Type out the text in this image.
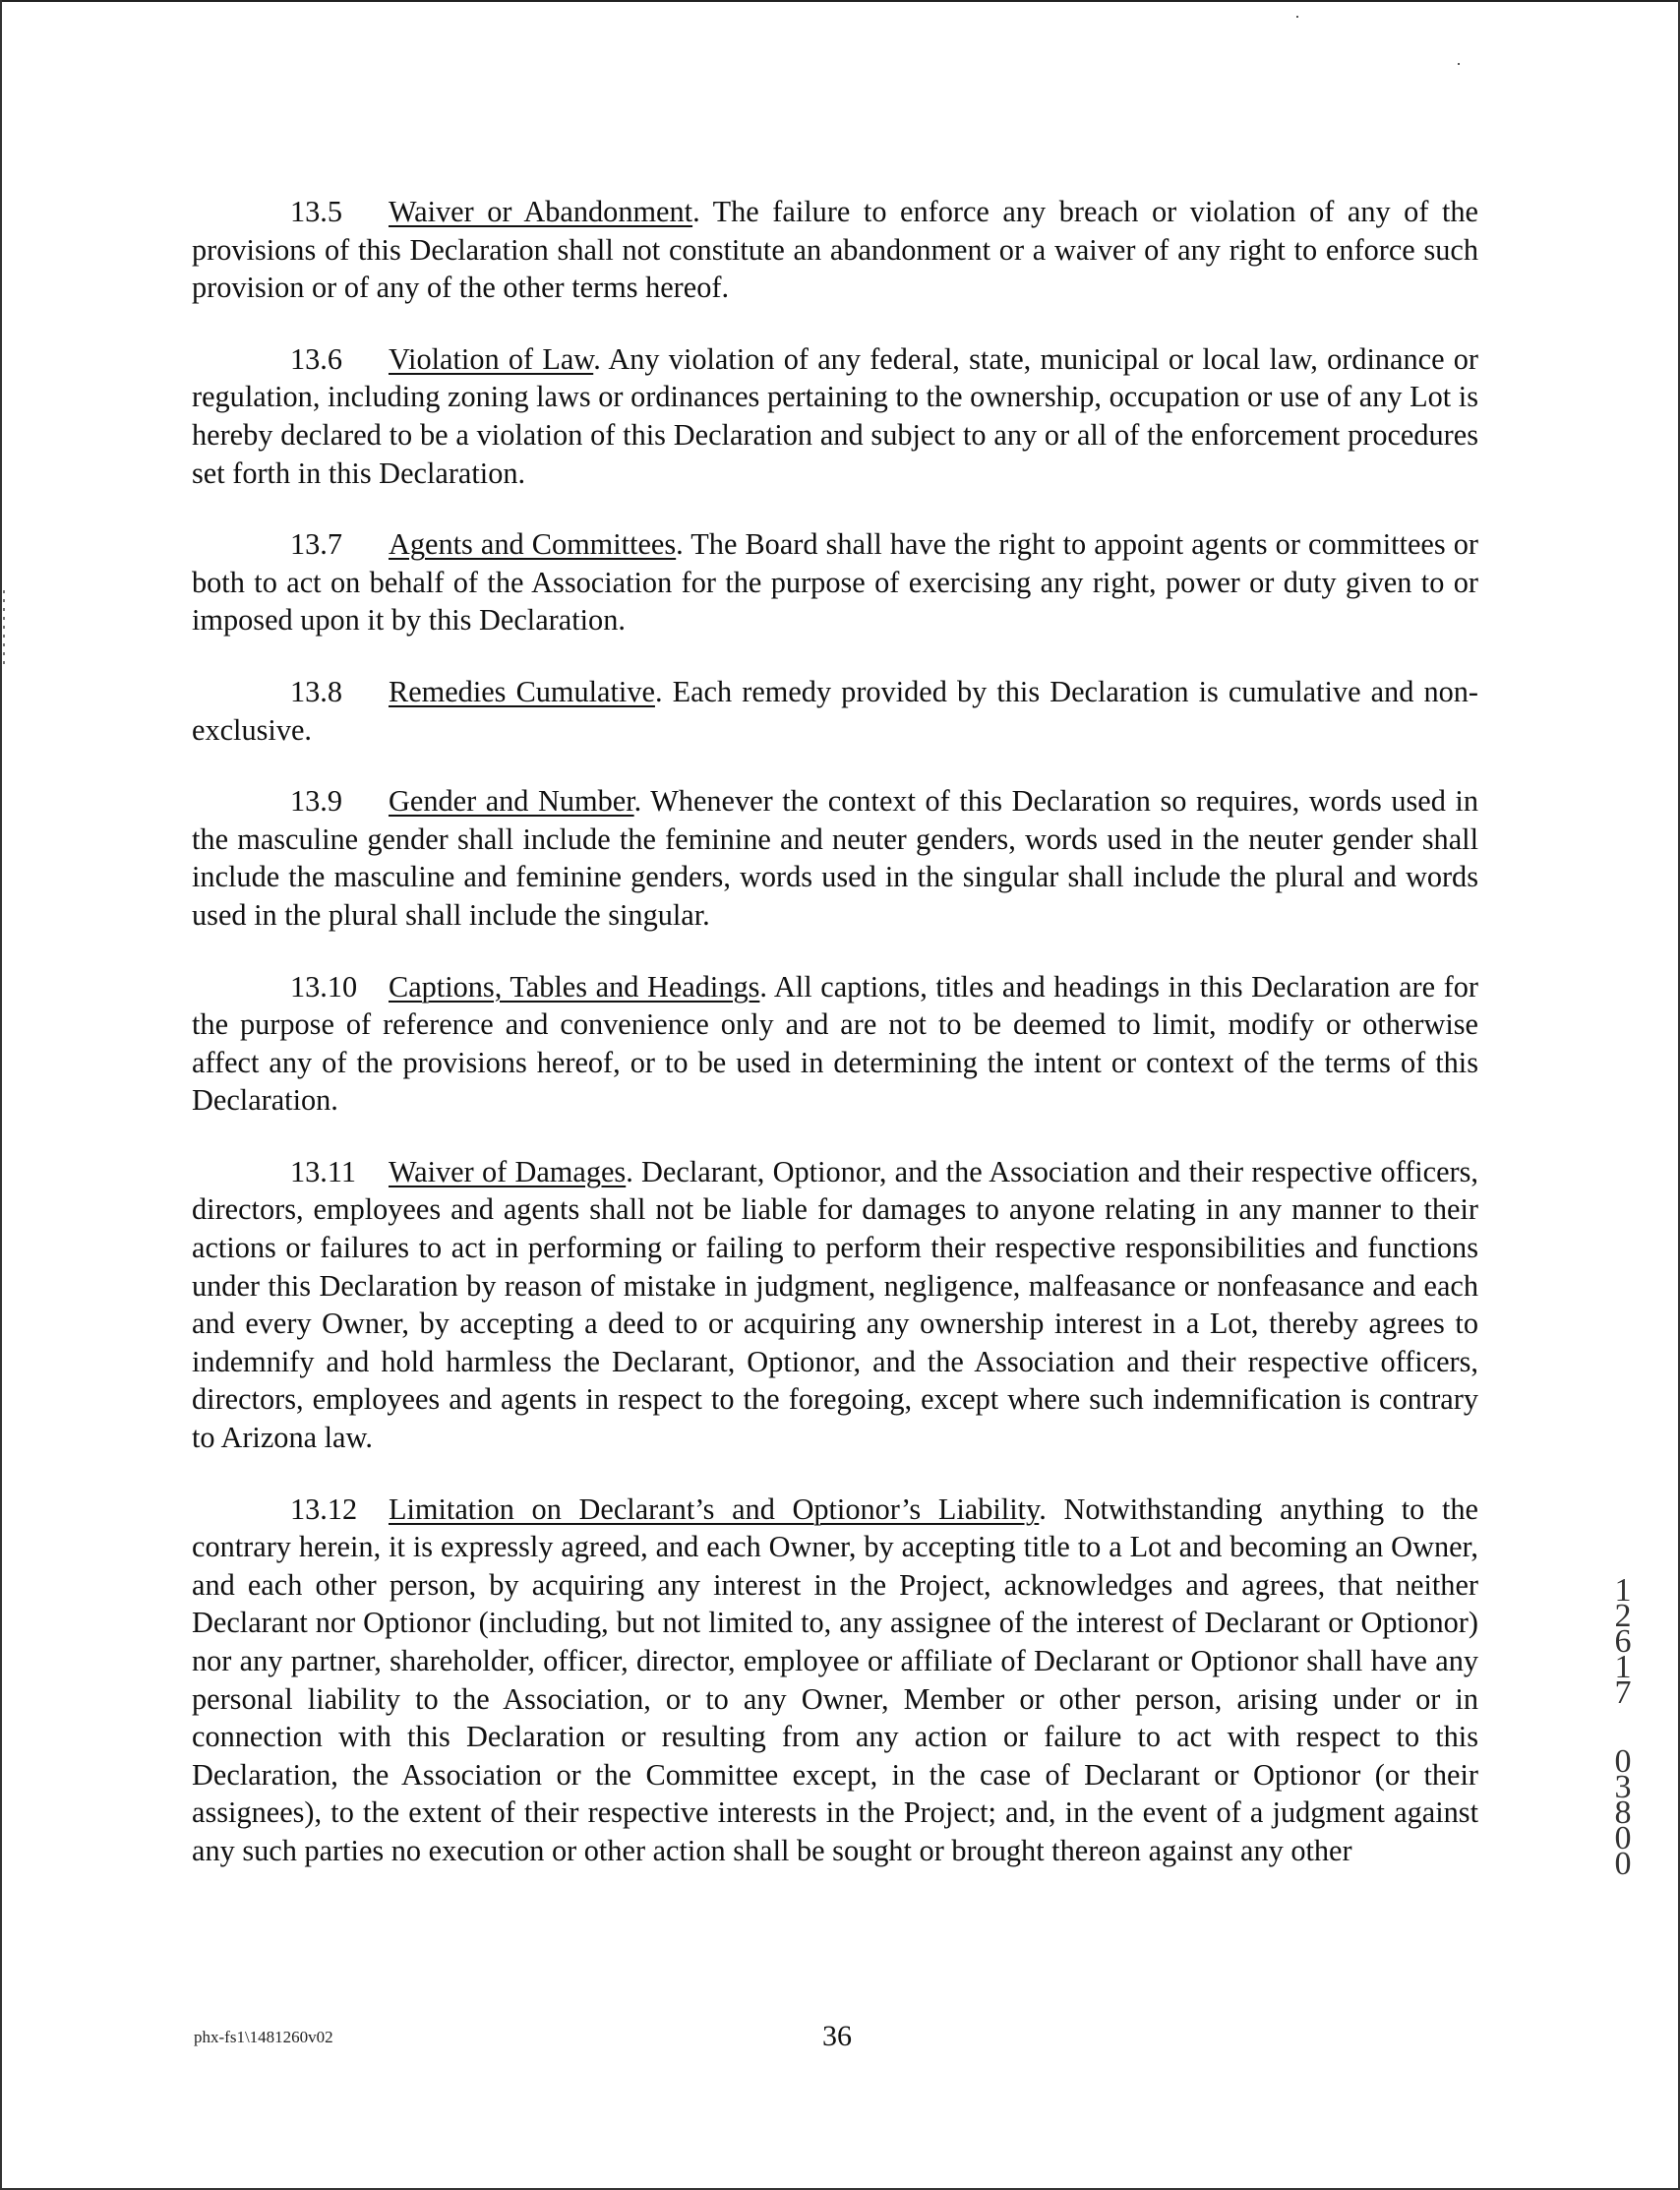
13.5 Waiver or Abandonment. The failure to enforce any breach or violation of any of the provisions of this Declaration shall not constitute an abandonment or a waiver of any right to enforce such provision or of any of the other terms hereof.

13.6 Violation of Law. Any violation of any federal, state, municipal or local law, ordinance or regulation, including zoning laws or ordinances pertaining to the ownership, occupation or use of any Lot is hereby declared to be a violation of this Declaration and subject to any or all of the enforcement procedures set forth in this Declaration.

13.7 Agents and Committees. The Board shall have the right to appoint agents or committees or both to act on behalf of the Association for the purpose of exercising any right, power or duty given to or imposed upon it by this Declaration.

13.8 Remedies Cumulative. Each remedy provided by this Declaration is cumulative and non-exclusive.

13.9 Gender and Number. Whenever the context of this Declaration so requires, words used in the masculine gender shall include the feminine and neuter genders, words used in the neuter gender shall include the masculine and feminine genders, words used in the singular shall include the plural and words used in the plural shall include the singular.

13.10 Captions, Tables and Headings. All captions, titles and headings in this Declaration are for the purpose of reference and convenience only and are not to be deemed to limit, modify or otherwise affect any of the provisions hereof, or to be used in determining the intent or context of the terms of this Declaration.

13.11 Waiver of Damages. Declarant, Optionor, and the Association and their respective officers, directors, employees and agents shall not be liable for damages to anyone relating in any manner to their actions or failures to act in performing or failing to perform their respective responsibilities and functions under this Declaration by reason of mistake in judgment, negligence, malfeasance or nonfeasance and each and every Owner, by accepting a deed to or acquiring any ownership interest in a Lot, thereby agrees to indemnify and hold harmless the Declarant, Optionor, and the Association and their respective officers, directors, employees and agents in respect to the foregoing, except where such indemnification is contrary to Arizona law.

13.12 Limitation on Declarant’s and Optionor’s Liability. Notwithstanding anything to the contrary herein, it is expressly agreed, and each Owner, by accepting title to a Lot and becoming an Owner, and each other person, by acquiring any interest in the Project, acknowledges and agrees, that neither Declarant nor Optionor (including, but not limited to, any assignee of the interest of Declarant or Optionor) nor any partner, shareholder, officer, director, employee or affiliate of Declarant or Optionor shall have any personal liability to the Association, or to any Owner, Member or other person, arising under or in connection with this Declaration or resulting from any action or failure to act with respect to this Declaration, the Association or the Committee except, in the case of Declarant or Optionor (or their assignees), to the extent of their respective interests in the Project; and, in the event of a judgment against any such parties no execution or other action shall be sought or brought thereon against any other

1
2
6
1
7
0
3
8
0
0
phx-fs1\1481260v02	36
